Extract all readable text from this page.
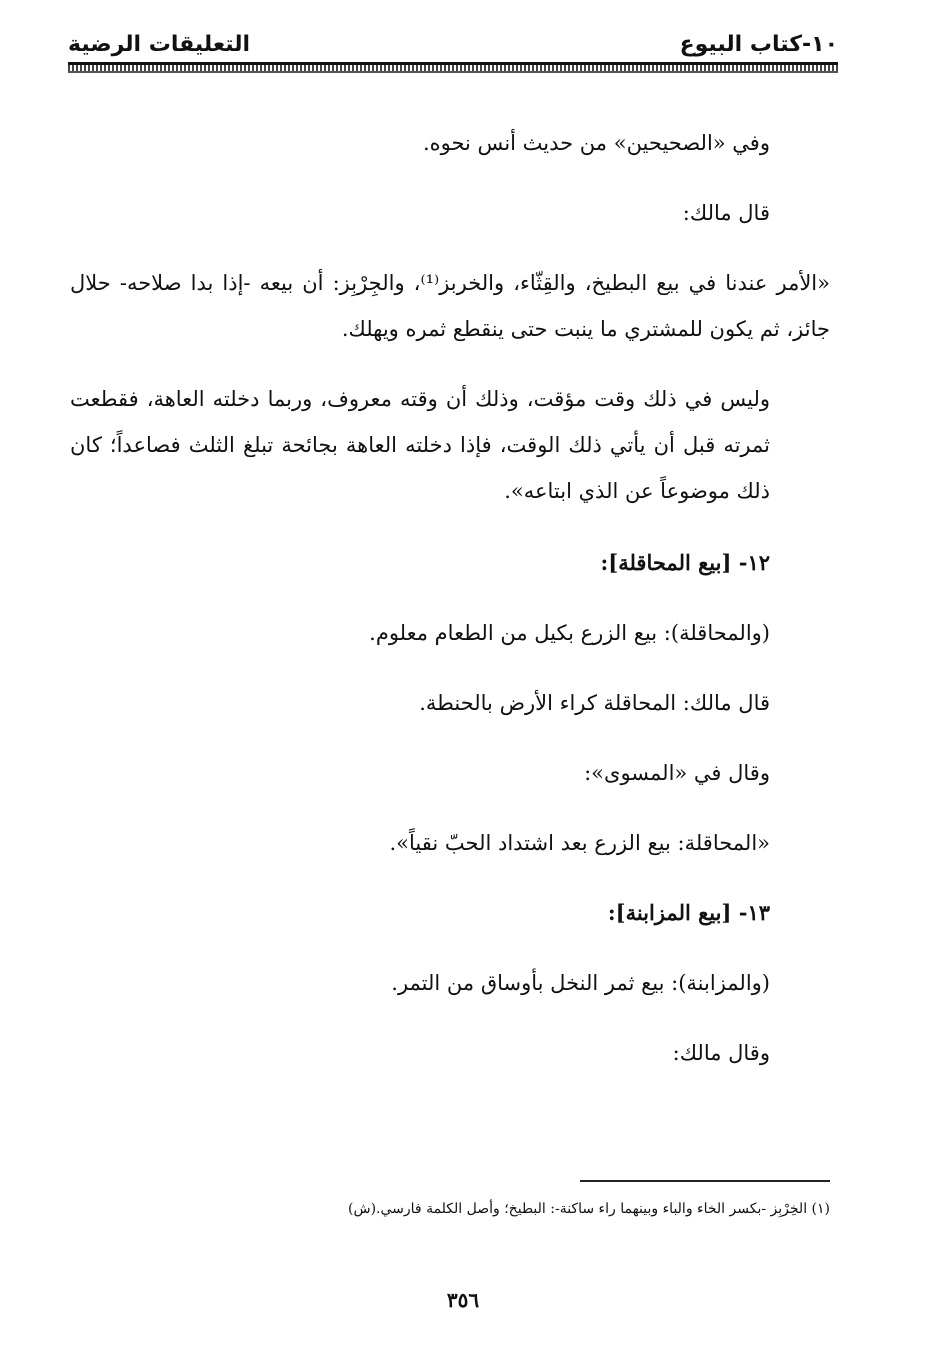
١٠-كتاب البيوع
التعليقات الرضية

وفي «الصحيحين» من حديث أنس نحوه.

قال مالك:

«الأمر عندنا في بيع البطيخ، والقِثّاء، والخربز⁽¹⁾، والجِرْبِز: أن بيعه -إذا بدا صلاحه- حلال جائز، ثم يكون للمشتري ما ينبت حتى ينقطع ثمره ويهلك.

وليس في ذلك وقت مؤقت، وذلك أن وقته معروف، وربما دخلته العاهة، فقطعت ثمرته قبل أن يأتي ذلك الوقت، فإذا دخلته العاهة بجائحة تبلغ الثلث فصاعداً؛ كان ذلك موضوعاً عن الذي ابتاعه».

١٢- [بيع المحاقلة]:

(والمحاقلة): بيع الزرع بكيل من الطعام معلوم.

قال مالك: المحاقلة كراء الأرض بالحنطة.

وقال في «المسوى»:

«المحاقلة: بيع الزرع بعد اشتداد الحبّ نقياً».

١٣- [بيع المزابنة]:

(والمزابنة): بيع ثمر النخل بأوساق من التمر.

وقال مالك:

(١) الخِرْبِز -بكسر الخاء والباء وبينهما راء ساكنة-: البطيخ؛ وأصل الكلمة فارسي.(ش)
٣٥٦
